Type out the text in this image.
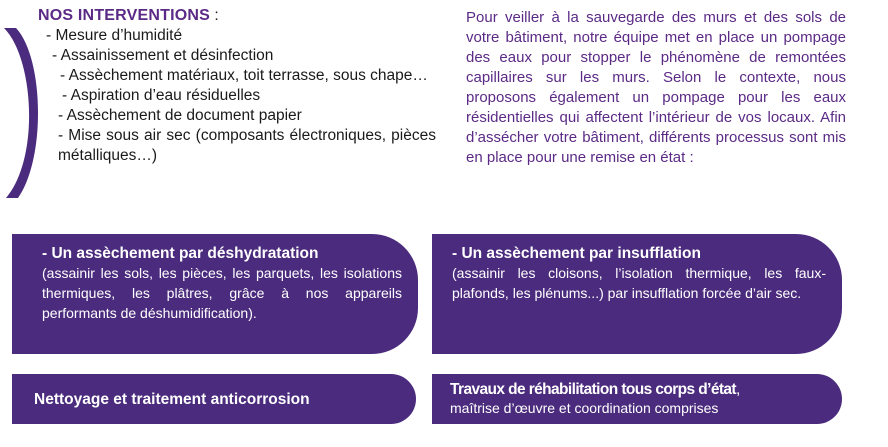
NOS INTERVENTIONS :
- Mesure d’humidité
- Assainissement et désinfection
- Assèchement matériaux, toit terrasse, sous chape…
- Aspiration d’eau résiduelles
- Assèchement de document papier
- Mise sous air sec (composants électroniques, pièces métalliques…)
Pour veiller à la sauvegarde des murs et des sols de votre bâtiment, notre équipe met en place un pompage des eaux pour stopper le phénomène de remontées capillaires sur les murs. Selon le contexte, nous proposons également un pompage pour les eaux résidentielles qui affectent l’intérieur de vos locaux. Afin d’assécher votre bâtiment, différents processus sont mis en place pour une remise en état :
- Un assèchement par déshydratation
(assainir les sols, les pièces, les parquets, les isolations thermiques, les plâtres, grâce à nos appareils performants de déshumidification).
- Un assèchement par insufflation
(assainir les cloisons, l’isolation thermique, les faux-plafonds, les plénums...) par insufflation forcée d’air sec.
Nettoyage et traitement anticorrosion
Travaux de réhabilitation tous corps d’état,
maîtrise d’œuvre et coordination comprises
